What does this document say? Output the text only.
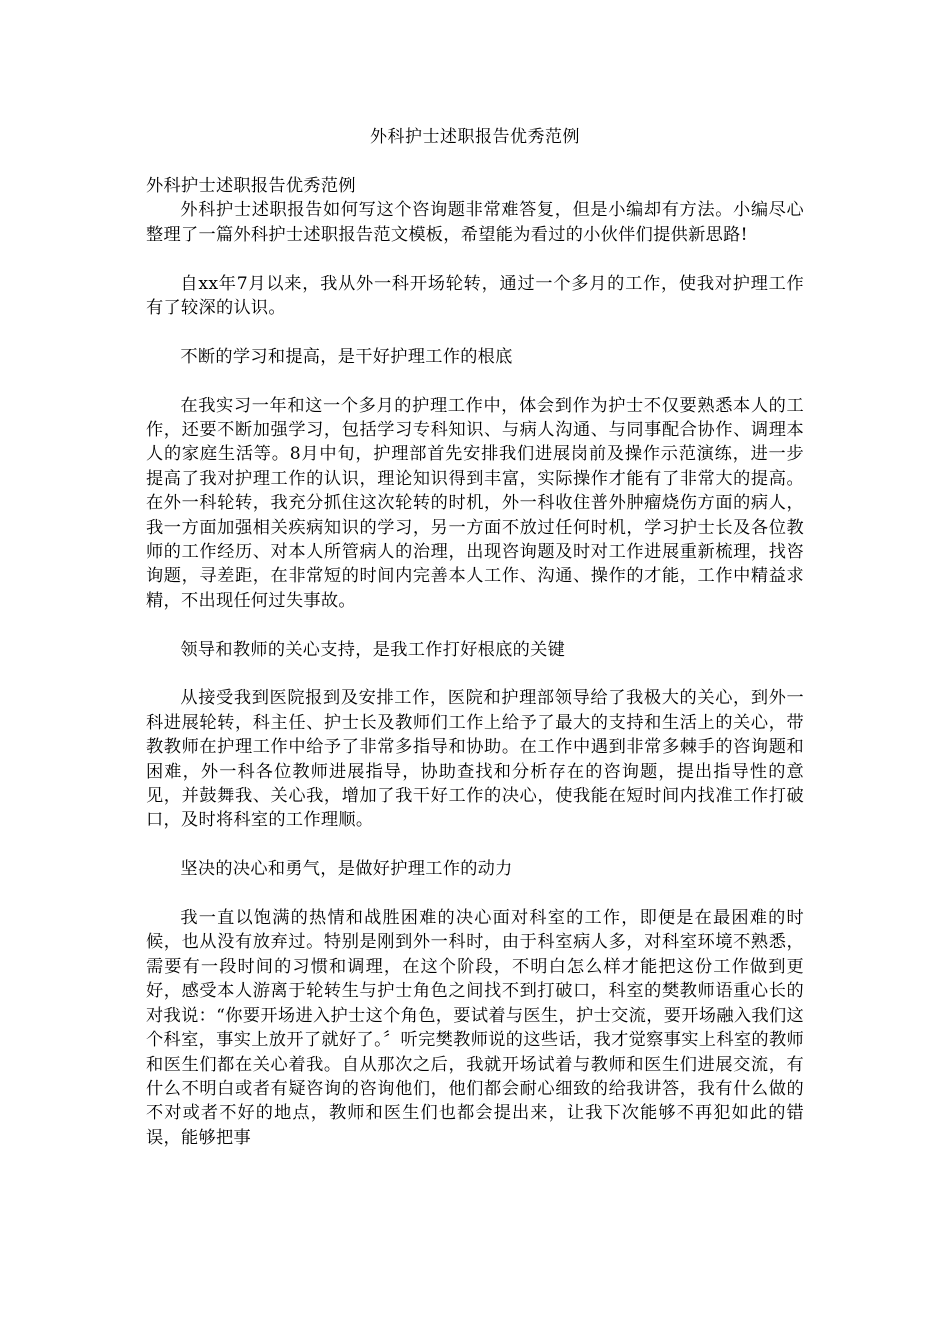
外科护士述职报告优秀范例

外科护士述职报告优秀范例

外科护士述职报告如何写这个咨询题非常难答复，但是小编却有方法。小编尽心整理了一篇外科护士述职报告范文模板，希望能为看过的小伙伴们提供新思路!

自xx年7月以来，我从外一科开场轮转，通过一个多月的工作，使我对护理工作有了较深的认识。

不断的学习和提高，是干好护理工作的根底

在我实习一年和这一个多月的护理工作中，体会到作为护士不仅要熟悉本人的工作，还要不断加强学习，包括学习专科知识、与病人沟通、与同事配合协作、调理本人的家庭生活等。8月中旬，护理部首先安排我们进展岗前及操作示范演练，进一步提高了我对护理工作的认识，理论知识得到丰富，实际操作才能有了非常大的提高。在外一科轮转，我充分抓住这次轮转的时机，外一科收住普外肿瘤烧伤方面的病人，我一方面加强相关疾病知识的学习，另一方面不放过任何时机，学习护士长及各位教师的工作经历、对本人所管病人的治理，出现咨询题及时对工作进展重新梳理，找咨询题，寻差距，在非常短的时间内完善本人工作、沟通、操作的才能，工作中精益求精，不出现任何过失事故。

领导和教师的关心支持，是我工作打好根底的关键

从接受我到医院报到及安排工作，医院和护理部领导给了我极大的关心，到外一科进展轮转，科主任、护士长及教师们工作上给予了最大的支持和生活上的关心，带教教师在护理工作中给予了非常多指导和协助。在工作中遇到非常多棘手的咨询题和困难，外一科各位教师进展指导，协助查找和分析存在的咨询题，提出指导性的意见，并鼓舞我、关心我，增加了我干好工作的决心，使我能在短时间内找准工作打破口，及时将科室的工作理顺。

坚决的决心和勇气，是做好护理工作的动力

我一直以饱满的热情和战胜困难的决心面对科室的工作，即便是在最困难的时候，也从没有放弃过。特别是刚到外一科时，由于科室病人多，对科室环境不熟悉，需要有一段时间的习惯和调理，在这个阶段，不明白怎么样才能把这份工作做到更好，感受本人游离于轮转生与护士角色之间找不到打破口，科室的樊教师语重心长的对我说：“你要开场进入护士这个角色，要试着与医生，护士交流，要开场融入我们这个科室，事实上放开了就好了。〞听完樊教师说的这些话，我才觉察事实上科室的教师和医生们都在关心着我。自从那次之后，我就开场试着与教师和医生们进展交流，有什么不明白或者有疑咨询的咨询他们，他们都会耐心细致的给我讲答，我有什么做的不对或者不好的地点，教师和医生们也都会提出来，让我下次能够不再犯如此的错误，能够把事
